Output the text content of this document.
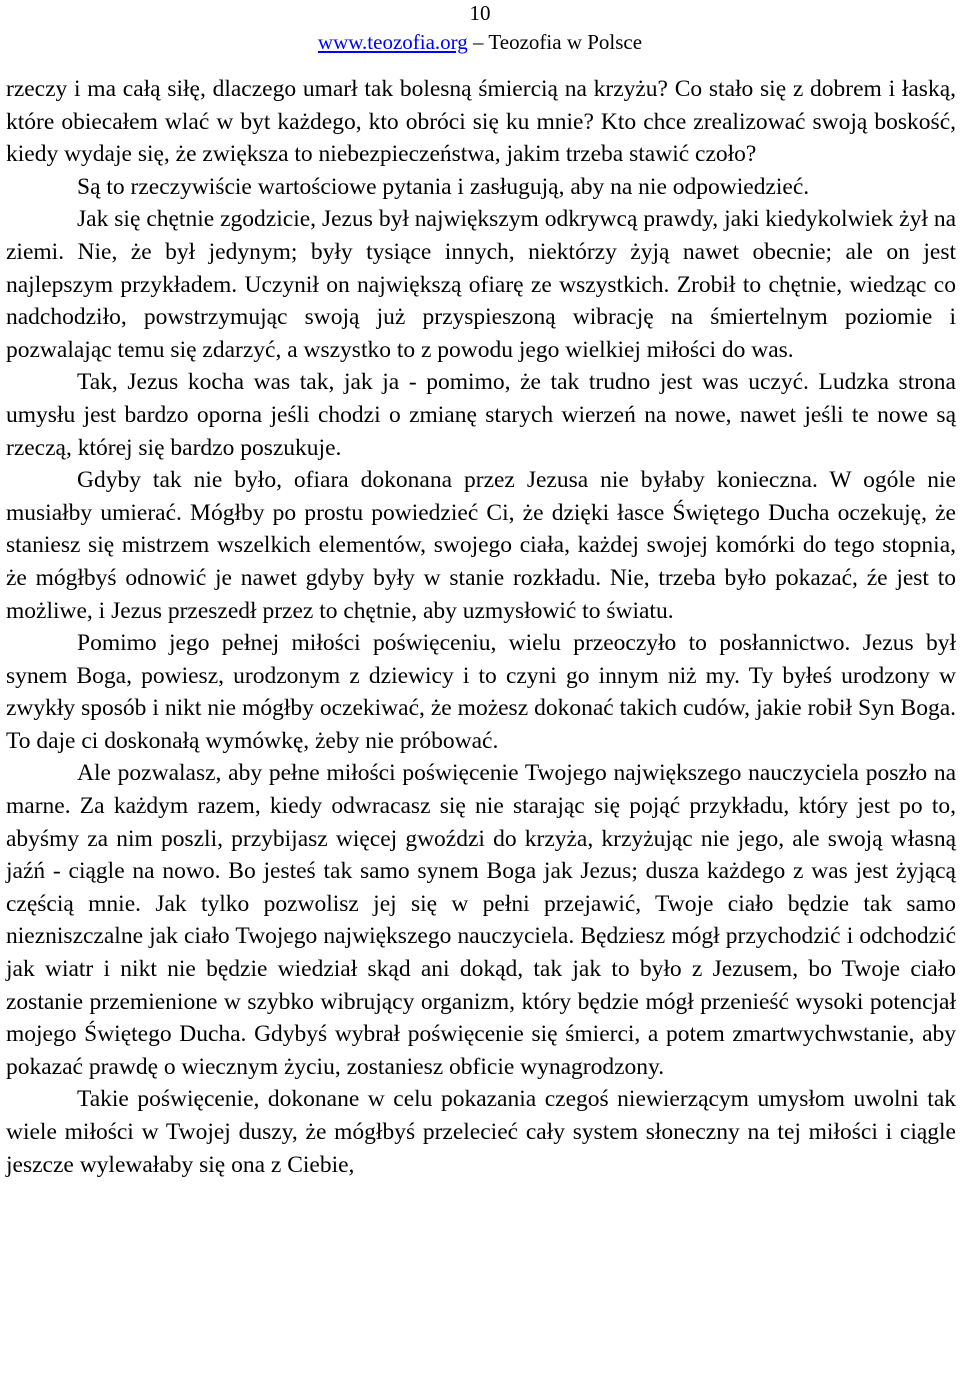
10
www.teozofia.org – Teozofia w Polsce

rzeczy i ma całą siłę, dlaczego umarł tak bolesną śmiercią na krzyżu? Co stało się z dobrem i łaską, które obiecałem wlać w byt każdego, kto obróci się ku mnie? Kto chce zrealizować swoją boskość, kiedy wydaje się, że zwiększa to niebezpieczeństwa, jakim trzeba stawić czoło?

Są to rzeczywiście wartościowe pytania i zasługują, aby na nie odpowiedzieć.

Jak się chętnie zgodzicie, Jezus był największym odkrywcą prawdy, jaki kiedykolwiek żył na ziemi. Nie, że był jedynym; były tysiące innych, niektórzy żyją nawet obecnie; ale on jest najlepszym przykładem. Uczynił on największą ofiarę ze wszystkich. Zrobił to chętnie, wiedząc co nadchodziło, powstrzymując swoją już przyspieszoną wibrację na śmiertelnym poziomie i pozwalając temu się zdarzyć, a wszystko to z powodu jego wielkiej miłości do was.

Tak, Jezus kocha was tak, jak ja - pomimo, że tak trudno jest was uczyć. Ludzka strona umysłu jest bardzo oporna jeśli chodzi o zmianę starych wierzeń na nowe, nawet jeśli te nowe są rzeczą, której się bardzo poszukuje.

Gdyby tak nie było, ofiara dokonana przez Jezusa nie byłaby konieczna. W ogóle nie musiałby umierać. Mógłby po prostu powiedzieć Ci, że dzięki łasce Świętego Ducha oczekuję, że staniesz się mistrzem wszelkich elementów, swojego ciała, każdej swojej komórki do tego stopnia, że mógłbyś odnowić je nawet gdyby były w stanie rozkładu. Nie, trzeba było pokazać, źe jest to możliwe, i Jezus przeszedł przez to chętnie, aby uzmysłowić to światu.

Pomimo jego pełnej miłości poświęceniu, wielu przeoczyło to posłannictwo. Jezus był synem Boga, powiesz, urodzonym z dziewicy i to czyni go innym niż my. Ty byłeś urodzony w zwykły sposób i nikt nie mógłby oczekiwać, że możesz dokonać takich cudów, jakie robił Syn Boga. To daje ci doskonałą wymówkę, żeby nie próbować.

Ale pozwalasz, aby pełne miłości poświęcenie Twojego największego nauczyciela poszło na marne. Za każdym razem, kiedy odwracasz się nie starając się pojąć przykładu, który jest po to, abyśmy za nim poszli, przybijasz więcej gwoździ do krzyża, krzyżując nie jego, ale swoją własną jaźń - ciągle na nowo. Bo jesteś tak samo synem Boga jak Jezus; dusza każdego z was jest żyjącą częścią mnie. Jak tylko pozwolisz jej się w pełni przejawić, Twoje ciało będzie tak samo niezniszczalne jak ciało Twojego największego nauczyciela. Będziesz mógł przychodzić i odchodzić jak wiatr i nikt nie będzie wiedział skąd ani dokąd, tak jak to było z Jezusem, bo Twoje ciało zostanie przemienione w szybko wibrujący organizm, który będzie mógł przenieść wysoki potencjał mojego Świętego Ducha. Gdybyś wybrał poświęcenie się śmierci, a potem zmartwychwstanie, aby pokazać prawdę o wiecznym życiu, zostaniesz obficie wynagrodzony.

Takie poświęcenie, dokonane w celu pokazania czegoś niewierzącym umysłom uwolni tak wiele miłości w Twojej duszy, że mógłbyś przelecieć cały system słoneczny na tej miłości i ciągle jeszcze wylewałaby się ona z Ciebie,
